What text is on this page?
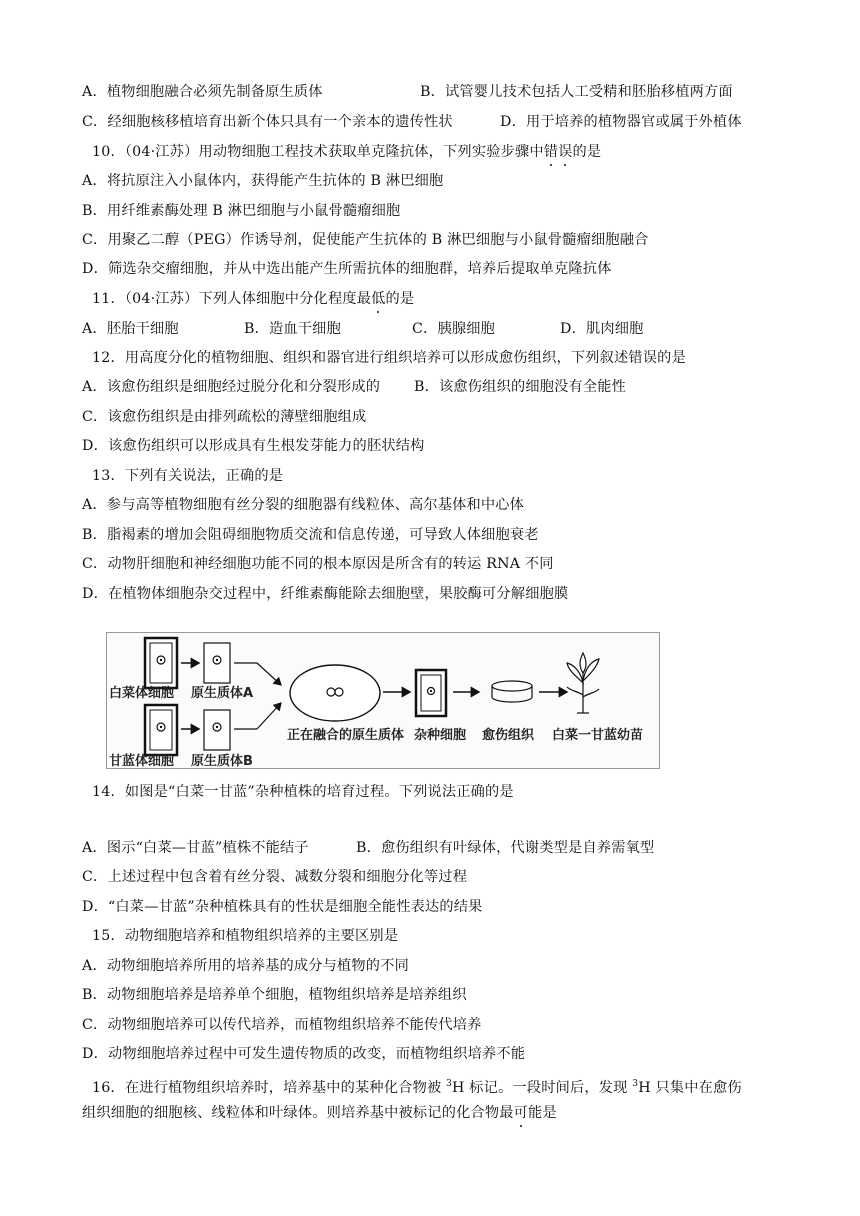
A．植物细胞融合必须先制备原生质体	B．试管婴儿技术包括人工受精和胚胎移植两方面
C．经细胞核移植培育出新个体只具有一个亲本的遗传性状	D．用于培养的植物器官或属于外植体
10．（04·江苏）用动物细胞工程技术获取单克隆抗体，下列实验步骤中错误的是
A．将抗原注入小鼠体内，获得能产生抗体的 B 淋巴细胞
B．用纤维素酶处理 B 淋巴细胞与小鼠骨髓瘤细胞
C．用聚乙二醇（PEG）作诱导剂，促使能产生抗体的 B 淋巴细胞与小鼠骨髓瘤细胞融合
D．筛选杂交瘤细胞，并从中选出能产生所需抗体的细胞群，培养后提取单克隆抗体
11．（04·江苏）下列人体细胞中分化程度最低的是
A．胚胎干细胞	B．造血干细胞	C．胰腺细胞	D．肌肉细胞
12．用高度分化的植物细胞、组织和器官进行组织培养可以形成愈伤组织，下列叙述错误的是
A．该愈伤组织是细胞经过脱分化和分裂形成的 B．该愈伤组织的细胞没有全能性
C．该愈伤组织是由排列疏松的薄壁细胞组成
D．该愈伤组织可以形成具有生根发芽能力的胚状结构
13．下列有关说法，正确的是
A．参与高等植物细胞有丝分裂的细胞器有线粒体、高尔基体和中心体
B．脂褐素的增加会阻碍细胞物质交流和信息传递，可导致人体细胞衰老
C．动物肝细胞和神经细胞功能不同的根本原因是所含有的转运 RNA 不同
D．在植物体细胞杂交过程中，纤维素酶能除去细胞壁，果胶酶可分解细胞膜
白菜体细胞 原生质体A
甘蓝体细胞 原生质体B
正在融合的原生质体 杂种细胞 愈伤组织 白菜一甘蓝幼苗
14．如图是“白菜一甘蓝”杂种植株的培育过程。下列说法正确的是
A．图示“白菜—甘蓝”植株不能结子	B．愈伤组织有叶绿体，代谢类型是自养需氧型
C．上述过程中包含着有丝分裂、减数分裂和细胞分化等过程
D．“白菜—甘蓝”杂种植株具有的性状是细胞全能性表达的结果
15．动物细胞培养和植物组织培养的主要区别是
A．动物细胞培养所用的培养基的成分与植物的不同
B．动物细胞培养是培养单个细胞，植物组织培养是培养组织
C．动物细胞培养可以传代培养，而植物组织培养不能传代培养
D．动物细胞培养过程中可发生遗传物质的改变，而植物组织培养不能
16．在进行植物组织培养时，培养基中的某种化合物被 $^3$H 标记。一段时间后，发现 $^3$H 只集中在愈伤
组织细胞的细胞核、线粒体和叶绿体。则培养基中被标记的化合物最可能是
